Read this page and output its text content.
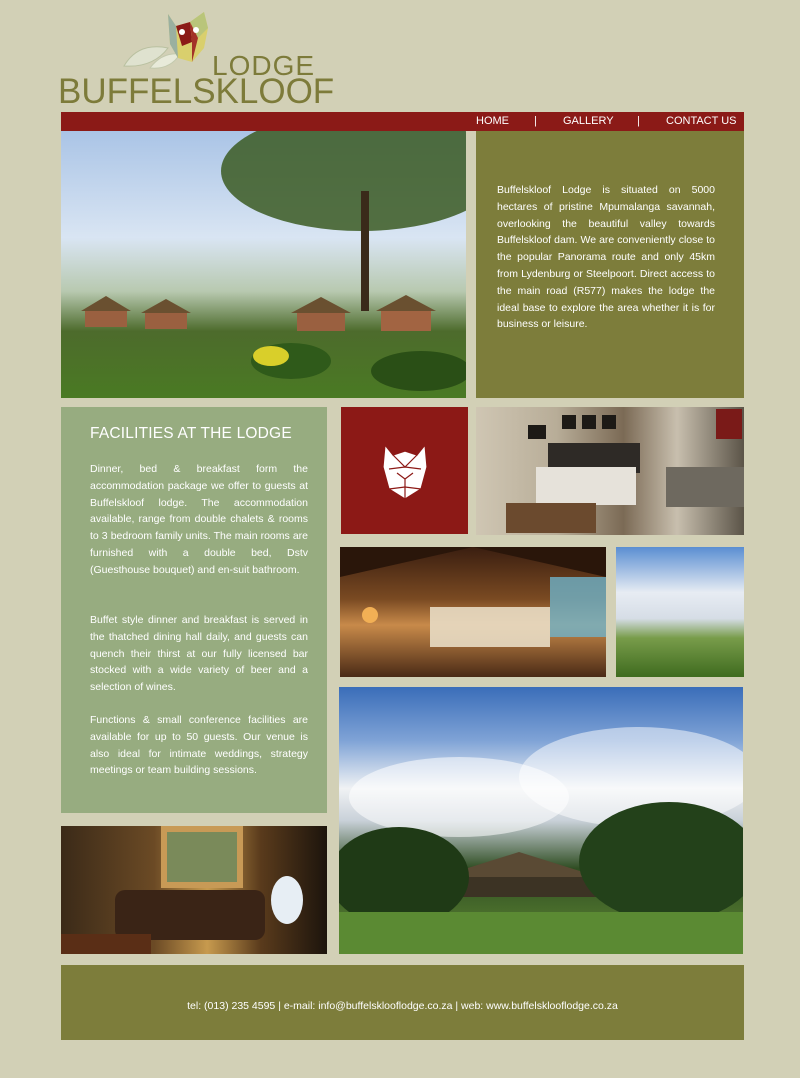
LODGE
BUFFELSKLOOF
HOME | GALLERY | CONTACT US

Buffelskloof Lodge is situated on 5000 hectares of pristine Mpumalanga savannah, overlooking the beautiful valley towards Buffelskloof dam. We are conveniently close to the popular Panorama route and only 45km from Lydenburg or Steelpoort. Direct access to the main road (R577) makes the lodge the ideal base to explore the area whether it is for business or leisure.

FACILITIES AT THE LODGE

Dinner, bed & breakfast form the accommodation package we offer to guests at Buffelskloof lodge. The accommodation available, range from double chalets & rooms to 3 bedroom family units. The main rooms are furnished with a double bed, Dstv (Guesthouse bouquet) and en-suit bathroom.

Buffet style dinner and breakfast is served in the thatched dining hall daily, and guests can quench their thirst at our fully licensed bar stocked with a wide variety of beer and a selection of wines.

Functions & small conference facilities are available for up to 50 guests. Our venue is also ideal for intimate weddings, strategy meetings or team building sessions.

tel: (013) 235 4595 | e-mail: info@buffelskloofl​odge.co.za | web: www.buffelskloofl​odge.co.za
